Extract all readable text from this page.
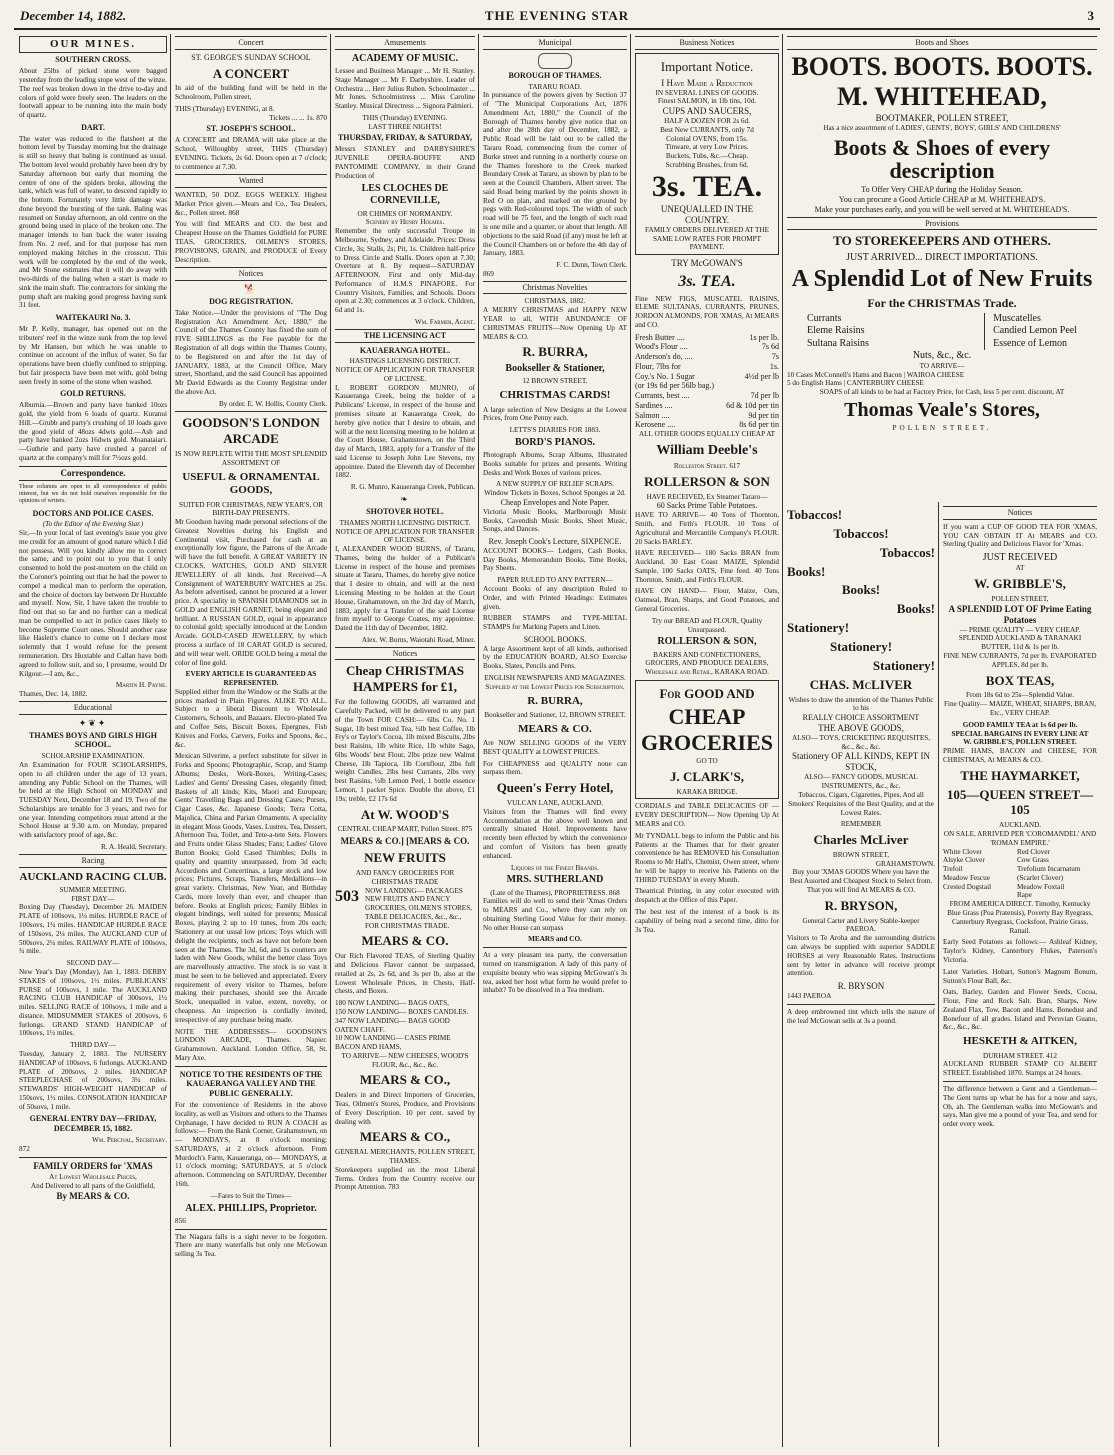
December 14, 1882.	THE EVENING STAR	3
OUR MINES.
SOUTHERN CROSS.

About 25lbs of picked stone were bagged yesterday from the leading stope west of the winze. The reef was broken down in the drive to-day and colors of gold were freely seen. The leaders on the footwall appear to be running into the main body of quartz.

DART.

The water was reduced to the flatsheet at the bottom level by Tuesday morning but the drainage is still so heavy that baling is continued as usual. The bottom level would probably have been dry by Saturday afternoon but early that morning the centre of one of the spiders broke, allowing the tank, which was full of water, to descend rapidly to the bottom. Fortunately very little damage was done beyond the bursting of the tank. Baling was resumed on Sunday afternoon, an old centre on the ground being used in place of the broken one. The manager intends to ban back the water issuing from No. 2 reef, and for that purpose has men employed making hitches in the crosscut. This work will be completed by the end of the week, and Mr Stone estimates that it will do away with two-thirds of the baling when a start is made to sink the main shaft. The contractors for sinking the pump shaft are making good progress having sunk 31 feet.

WAITEKAURI No. 3.

Mr P. Kelly, manager, has opened out on the tributers' reef in the winze sunk from the top level by Mr Hansen, but which he was unable to continue on account of the influx of water. So far operations have been chiefly confined to stripping, but fair prospects have been met with, gold being seen freely in some of the stone when washed.

GOLD RETURNS.

Alburnia.—Brown and party have banked 10ozs gold, the yield from 6 loads of quartz. Kuranui Hill.—Grubb and party's crushing of 10 loads gave the good yield of 48ozs 4dwts gold.—Ash and party have banked 2ozs 16dwts gold. Moanataiari.—Guthrie and party have crushed a parcel of quartz at the company's mill for 7½ozs gold.

Correspondence.

These columns are open to all correspondence of public interest, but we do not hold ourselves responsible for the opinions of writers.

DOCTORS AND POLICE CASES.
(To the Editor of the Evening Star.)

Sir,—In your local of last evening's issue you give me credit for an amount of good nature which I did not possess. Will you kindly allow me to correct the same, and to point out to you that I only consented to hold the post-mortem on the child on the Coroner's pointing out that he had the power to compel a medical man to perform the operation, and the choice of doctors lay between Dr Huxtable and myself. Now, Sir, I have taken the trouble to find out that so far and no further can a medical man be compelled to act in police cases likely to become Supreme Court ones. Should another case like Haslett's chance to come on I declare most solemnly that I would refuse for the present remuneration. Drs Huxtable and Callan have both agreed to follow suit, and so, I presume, would Dr Kilgour.—I am, &c.,

Martin H. Payne.
Thames, Dec. 14, 1882.
Educational
✦❦✦
THAMES BOYS AND GIRLS HIGH SCHOOL.
SCHOLARSHIP EXAMINATION.

An Examination for FOUR SCHOLARSHIPS, open to all children under the age of 13 years, attending any Public School on the Thames, will be held at the High School on MONDAY and TUESDAY Next, December 18 and 19. Two of the Scholarships are tenable for 3 years, and two for one year. Intending competitors must attend at the School House at 9.30 a.m. on Monday, prepared with satisfactory proof of age, &c.

R. A. Heald, Secretary.
Racing
AUCKLAND RACING CLUB.
SUMMER MEETING.
FIRST DAY—

Boxing Day (Tuesday), December 26. MAIDEN PLATE of 100sovs, 1¼ miles. HURDLE RACE of 100sovs, 1¾ miles. HANDICAP HURDLE RACE of 150sovs, 2¼ miles. The AUCKLAND CUP of 500sovs, 2¼ miles. RAILWAY PLATE of 100sovs, ¾ mile.

SECOND DAY—

New Year's Day (Monday), Jan 1, 1883. DERBY STAKES of 100sovs, 1½ miles. PUBLICANS' PURSE of 100sovs, 1 mile. The AUCKLAND RACING CLUB HANDICAP of 300sovs, 1½ miles. SELLING RACE of 100sovs, 1 mile and a distance. MIDSUMMER STAKES of 200sovs, 6 furlongs. GRAND STAND HANDICAP of 100sovs, 1½ miles.

THIRD DAY—

Tuesday, January 2, 1883. The NURSERY HANDICAP of 100sovs, 6 furlongs. AUCKLAND PLATE of 200sovs, 2 miles. HANDICAP STEEPLECHASE of 200sovs, 3¼ miles. STEWARDS' HIGH-WEIGHT HANDICAP of 150sovs, 1½ miles. CONSOLATION HANDICAP of 50sovs, 1 mile.

GENERAL ENTRY DAY—FRIDAY, DECEMBER 15, 1882.
Wm. Percival, Secretary.
872
FAMILY ORDERS for 'XMAS
At Lowest Wholesale Prices,
And Delivered to all parts of the Goldfield,
By MEARS & CO.
Concert
ST. GEORGE'S SUNDAY SCHOOL
A CONCERT

In aid of the building fund will be held in the Schoolroom, Pollen street,

THIS (Thursday) EVENING, at 8.
Tickets ... ... 1s. 870
ST. JOSEPH'S SCHOOL.

A CONCERT and DRAMA will take place at the School, Willoughby street, THIS (Thursday) EVENING. Tickets, 2s 6d. Doors open at 7 o'clock; to commence at 7.30.

Wanted

WANTED, 50 DOZ. EGGS WEEKLY. Highest Market Price given.—Mears and Co., Tea Dealers, &c., Pollen street. 868

You will find MEARS and CO. the best and Cheapest House on the Thames Goldfield for PURE TEAS, GROCERIES, OILMEN'S STORES, PROVISIONS, GRAIN, and PRODUCE of Every Description.

Notices
🐕
DOG REGISTRATION.

Take Notice.—Under the provisions of "The Dog Registration Act Amendment Act, 1880," the Council of the Thames County has fixed the sum of FIVE SHILLINGS as the Fee payable for the Registration of all dogs within the Thames County, to be Registered on and after the 1st day of JANUARY, 1883, at the Council Office, Mary street, Shortland, and the said Council has appointed Mr David Edwards as the County Registrar under the above Act.

By order. E. W. Hollis, County Clerk.
GOODSON'S LONDON ARCADE
IS NOW REPLETE WITH THE MOST SPLENDID ASSORTMENT OF
USEFUL & ORNAMENTAL GOODS,
SUITED FOR CHRISTMAS, NEW YEAR'S, OR BIRTH-DAY PRESENTS.

Mr Goodson having made personal selections of the Greatest Novelties during his English and Continental visit, Purchased for cash at an exceptionally low figure, the Patrons of the Arcade will have the full benefit. A GREAT VARIETY IN CLOCKS, WATCHES, GOLD AND SILVER JEWELLERY of all kinds. Just Received—A Consignment of WATERBURY WATCHES at 25s. As before advertised, cannot be procured at a lower price. A speciality in SPANISH DIAMONDS set in GOLD and ENGLISH GARNET, being elegant and brilliant. A RUSSIAN GOLD, equal in appearance to colonial gold; specially introduced at the London Arcade. GOLD-CASED JEWELLERY, by which process a surface of 18 CARAT GOLD is secured, and will wear well. ORIDE GOLD being a metal the color of fine gold.

EVERY ARTICLE IS GUARANTEED AS REPRESENTED.

Supplied either from the Window or the Stalls at the prices marked in Plain Figures. ALIKE TO ALL. Subject to a liberal Discount to Wholesale Customers, Schools, and Bazaars. Electro-plated Tea and Coffee Sets, Biscuit Boxes, Epergnes, Fish Knives and Forks, Carvers, Forks and Spoons, &c., &c.

Mexican Silverine, a perfect substitute for silver in Forks and Spoons; Photographic, Scrap, and Stamp Albums; Desks, Work-Boxes, Writing-Cases; Ladies' and Gents' Dressing Cases, elegantly fitted; Baskets of all kinds; Kits, Maori and European; Gents' Travelling Bags and Dressing Cases; Purses, Cigar Cases, &c. Japanese Goods; Terra Cotta, Majolica, China and Parian Ornaments. A speciality in elegant Moss Goods, Vases, Lustres, Tea, Dessert, Afternoon Tea, Toilet, and Tete-a-tete Sets. Flowers and Fruits under Glass Shades; Fans; Ladies' Glove Button Books; Gold Cased Thimbles; Dolls in quality and quantity unsurpassed, from 3d each; Accordions and Concertinas, a large stock and low prices; Pictures, Scraps, Transfers, Medallions—in great variety. Christmas, New Year, and Birthday Cards, more lovely than ever, and cheaper than before. Books at English prices; Family Bibles in elegant bindings, well suited for presents; Musical Boxes, playing 2 up to 10 tunes, from 20s each; Stationery at our usual low prices; Toys which will delight the recipients, such as have not before been seen at the Thames. The 3d, 6d, and 1s counters are laden with New Goods, whilst the better class Toys are marvellously attractive. The stock is so vast it must be seen to be believed and appreciated. Every requirement of every visitor to Thames, before making their purchases, should see the Arcade Stock, unequalled in value, extent, novelty, or cheapness. An inspection is cordially invited, irrespective of any purchase being made.

NOTE THE ADDRESSES— GOODSON'S LONDON ARCADE, Thames. Napier. Grahamstown. Auckland. London Office, 58, St. Mary Axe.

NOTICE TO THE RESIDENTS OF THE KAUAERANGA VALLEY AND THE PUBLIC GENERALLY.

For the convenience of Residents in the above locality, as well as Visitors and others to the Thames Orphanage, I have decided to RUN A COACH as follows:— From the Bank Corner, Grahamstown, on— MONDAYS, at 8 o'clock morning; SATURDAYS, at 2 o'clock afternoon. From Murdoch's Farm, Kauaeranga, on— MONDAYS, at 11 o'clock morning; SATURDAYS, at 5 o'clock afternoon. Commencing on SATURDAY, December 16th.

—Fares to Suit the Times—
ALEX. PHILLIPS, Proprietor.
856

The Niagara falls is a sight never to be forgotten. There are many waterfalls but only one McGowan selling 3s Tea.

Amusements
ACADEMY OF MUSIC.

Lessee and Business Manager ... Mr H. Stanley. Stage Manager ... Mr F. Darbyshire. Leader of Orchestra ... Herr Julius Ruben. Schoolmaster ... Mr Jones. Schoolmistress ... Miss Caroline Stanley. Musical Directress ... Signora Palmieri.

THIS (Thursday) EVENING.
LAST THREE NIGHTS!
THURSDAY, FRIDAY, & SATURDAY,

Messrs STANLEY and DARBYSHIRE'S JUVENILE OPERA-BOUFFE AND PANTOMIME COMPANY, in their Grand Production of

LES CLOCHES DE CORNEVILLE,
OR CHIMES OF NORMANDY.
Scenery by Henry Holmes.

Remember the only successful Troupe in Melbourne, Sydney, and Adelaide. Prices: Dress Circle, 3s; Stalls, 2s; Pit, 1s. Children half-price to Dress Circle and Stalls. Doors open at 7.30; Overture at 8. By request—SATURDAY AFTERNOON. First and only Mid-day Performance of H.M.S PINAFORE. For Country Visitors, Families, and Schools. Doors open at 2.30; commences at 3 o'clock. Children, 6d and 1s.

Wm. Farmer, Agent.
THE LICENSING ACT
KAUAERANGA HOTEL.
HASTINGS LICENSING DISTRICT.
NOTICE OF APPLICATION FOR TRANSFER OF LICENSE.

I, ROBERT GORDON MUNRO, of Kauaeranga Creek, being the holder of a Publicans' License, in respect of the house and premises situate at Kauaeranga Creek, do hereby give notice that I desire to obtain, and will at the next licensing meeting to be holden at the Court House, Grahamstown, on the Third day of March, 1883, apply for a Transfer of the said License to Joseph John Lee Stevens, my appointee. Dated the Eleventh day of December 1882.

R. G. Munro, Kauaeranga Creek, Publican.
❧
SHOTOVER HOTEL.
THAMES NORTH LICENSING DISTRICT.
NOTICE OF APPLICATION FOR TRANSFER OF LICENSE.

I, ALEXANDER WOOD BURNS, of Tararu, Thames, being the holder of a Publican's License in respect of the house and premises situate at Tararu, Thames, do hereby give notice that I desire to obtain, and will at the next Licensing Meeting to be holden at the Court House, Grahamstown, on the 3rd day of March, 1883, apply for a Transfer of the said License from myself to George Coates, my appointee. Dated the 11th day of December, 1882.

Alex. W. Burns, Waiotahi Road, Miner.
Notices
Cheap CHRISTMAS HAMPERS for £1,

For the following GOODS, all warranted and Carefully Packed, will be delivered to any part of the Town FOR CASH:— 6lbs Co. No. 1 Sugar, 1lb best mixed Tea, ½lb best Coffee, 1lb Fry's or Taylor's Cocoa, 1lb mixed Biscuits, 2lbs best Raisins, 1lb white Rice, 1lb white Sago, 6lbs Woods' best Flour, 2lbs prize new Walnut Cheese, 1lb Tapioca, 1lb Cornflour, 2lbs full weight Candles, 2lbs best Currants, 2lbs very best Raisins, ½lb Lemon Peel, 1 bottle essence Lemon, 1 packet Spice. Double the above, £1 19s; treble, £2 17s 6d

At W. WOOD'S
CENTRAL CHEAP MART, Pollen Street. 875
MEARS & CO.] [MEARS & CO.
NEW FRUITS
AND FANCY GROCERIES FOR CHRISTMAS TRADE
503 NOW LANDING— PACKAGES NEW FRUITS AND FANCY GROCERIES, OILMEN'S STORES, TABLE DELICACIES, &c., &c., FOR CHRISTMAS TRADE.
MEARS & CO.

Our Rich Flavored TEAS, of Sterling Quality and Delicious Flavor cannot be surpassed, retailed at 2s, 2s 6d, and 3s per lb, also at the Lowest Wholesale Prices, in Chests, Half-chests, and Boxes.

180 NOW LANDING— BAGS OATS,
150 NOW LANDING— BOXES CANDLES.
347 NOW LANDING— BAGS GOOD OATEN CHAFF.
10 NOW LANDING— CASES PRIME BACON AND HAMS,
TO ARRIVE— NEW CHEESES, WOOD'S FLOUR, &c., &c., &c.
MEARS & CO.,

Dealers in and Direct Importers of Groceries, Teas, Oilmen's Stores, Produce, and Provisions of Every Description. 10 per cent. saved by dealing with

MEARS & CO.,
GENERAL MERCHANTS, POLLEN STREET, THAMES.

Storekeepers supplied on the most Liberal Terms. Orders from the Country receive our Prompt Attention. 783

Municipal
BOROUGH OF THAMES.
TARARU ROAD.

In pursuance of the powers given by Section 37 of "The Municipal Corporations Act, 1876 Amendment Act, 1880," the Council of the Borough of Thames hereby give notice that on and after the 28th day of December, 1882, a Public Road will be laid out to be called the Tararu Road, commencing from the corner of Burke street and running in a northerly course on the Thames foreshore to the Creek marked Boundary Creek at Tararu, as shown by plan to be seen at the Council Chambers, Albert street. The said Road being marked by the points shown in Red O on plan, and marked on the ground by pegs with Red-coloured tops. The width of such road will be 75 feet, and the length of such road is one mile and a quarter, or about that length. All objections to the said Road (if any) must be left at the Council Chambers on or before the 4th day of January, 1883.

F. C. Dunn, Town Clerk.
869
Christmas Novelties
CHRISTMAS, 1882.

A MERRY CHRISTMAS and HAPPY NEW YEAR to all, WITH ABUNDANCE OF CHRISTMAS FRUITS—Now Opening Up AT MEARS & CO.

R. BURRA,
Bookseller & Stationer,
12 BROWN STREET.
CHRISTMAS CARDS!

A large selection of New Designs at the Lowest Prices, from One Penny each.

LETTS'S DIARIES FOR 1883.
BORD'S PIANOS.

Photograph Albums, Scrap Albums, Illustrated Books suitable for prizes and presents. Writing Desks and Work Boxes of various prices.

A NEW SUPPLY OF RELIEF SCRAPS.
Window Tickets in Boxes, School Sponges at 2d.
Cheap Envelopes and Note Paper.

Victoria Music Books, Marlborough Music Books, Cavendish Music Books, Sheet Music, Songs, and Dances.

Rev. Joseph Cook's Lecture, SIXPENCE.

ACCOUNT BOOKS— Ledgers, Cash Books, Day Books, Memorandum Books, Time Books, Pay Sheets.

PAPER RULED TO ANY PATTERN—

Account Books of any description Ruled to Order, and with Printed Headings: Estimates given.

RUBBER STAMPS and TYPE-METAL STAMPS for Marking Papers and Linen.

SCHOOL BOOKS.

A large Assortment kept of all kinds, authorised by the EDUCATION BOARD, ALSO Exercise Books, Slates, Pencils and Pens.

ENGLISH NEWSPAPERS AND MAGAZINES.
Supplied at the Lowest Prices for Subscription.
R. BURRA,
Bookseller and Stationer, 12, BROWN STREET.
MEARS & CO.

Are NOW SELLING GOODS of the VERY BEST QUALITY at LOWEST PRICES.

For CHEAPNESS and QUALITY none can surpass them.

Queen's Ferry Hotel,
VULCAN LANE, AUCKLAND.

Visitors from the Thames will find every Accommodation at the above well known and centrally situated Hotel. Improvements have recently been effected by which the convenience and comfort of Visitors has been greatly enhanced.

Liquors of the Finest Brands.
MRS. SUTHERLAND
(Late of the Thames), PROPRIETRESS. 868

Families will do well to send their 'Xmas Orders to MEARS and Co., where they can rely on obtaining Sterling Good Value for their money. No other House can surpass

MEARS and CO.

At a very pleasant tea party, the conversation turned on transmigration. A lady of this party of exquisite beauty who was sipping McGowan's 3s tea, asked her host what form he would prefer to inhabit? To be dissolved in a Tea medium.

Business Notices
Important Notice.
I Have Made a Reduction
IN SEVERAL LINES OF GOODS.
Finest SALMON, in 1lb tins, 10d.
CUPS AND SAUCERS,
HALF A DOZEN FOR 2s 6d.
Best New CURRANTS, only 7d
Colonial OVENS, from 15s.
Tinware, at very Low Prices.
Buckets, Tubs, &c.—Cheap.
Scrubbing Brushes, from 6d.
3s. TEA.
UNEQUALLED IN THE COUNTRY.
FAMILY ORDERS DELIVERED AT THE SAME LOW RATES FOR PROMPT PAYMENT.
TRY McGOWAN'S
3s. TEA.

Fine NEW FIGS, MUSCATEL RAISINS, ELEME SULTANAS, CURRANTS, PRUNES, JORDON ALMONDS, FOR 'XMAS, At MEARS and CO.

Fresh Butter ....	1s per lb.
Wood's Flour ....	7s 6d
Anderson's do, ....	7s
Flour, 7lbs for	1s.
Coy.'s No. 1 Sugar	4½d per lb
(or 19s 6d per 56lb bag.)
Currants, best ....	7d per lb
Sardines ....	6d & 10d per tin
Salmon ....	9d per tin
Kerosene ....	8s 6d per tin
ALL OTHER GOODS EQUALLY CHEAP AT
William Deeble's
Rolleston Street. 617
ROLLERSON & SON
HAVE RECEIVED, Ex Steamer Tararo—
60 Sacks Prime Table Potatoes.

HAVE TO ARRIVE— 40 Tons of Thornton, Smith, and Firth's FLOUR. 10 Tons of Agricultural and Mercantile Company's FLOUR. 20 Sacks BARLEY.

HAVE RECEIVED— 180 Sacks BRAN from Auckland. 30 East Coast MAIZE, Splendid Sample. 100 Sacks OATS, Fine feed. 40 Tons Thornton, Smith, and Firth's FLOUR.

HAVE ON HAND— Flour, Maize, Oats, Oatmeal, Bran, Sharps, and Good Potatoes, and General Groceries.

Try our BREAD and FLOUR, Quality Unsurpassed.
ROLLERSON & SON,
BAKERS AND CONFECTIONERS, GROCERS, AND PRODUCE DEALERS,
Wholesale and Retail, KARAKA ROAD.
For GOOD AND
CHEAP
GROCERIES
GO TO
J. CLARK'S,
KARAKA BRIDGE.

CORDIALS and TABLE DELICACIES OF —EVERY DESCRIPTION— Now Opening Up At MEARS and CO.

Mr TYNDALL begs to inform the Public and his Patients at the Thames that for their greater convenience he has REMOVED his Consultation Rooms to Mr Hall's, Chemist, Owen street, where he will be happy to receive his Patients on the THIRD TUESDAY in every Month.

Theatrical Printing, in any color executed with despatch at the Office of this Paper.

The best test of the interest of a book is its capability of being read a second time, ditto for 3s Tea.

Boots and Shoes
BOOTS. BOOTS. BOOTS.
M. WHITEHEAD,
BOOTMAKER, POLLEN STREET,
Has a nice assortment of LADIES', GENTS', BOYS', GIRLS' AND CHILDRENS'
Boots & Shoes of every description
To Offer Very CHEAP during the Holiday Season.
You can procure a Good Article CHEAP at M. WHITEHEAD'S.
Make your purchases early, and you will be well served at M. WHITEHEAD'S.
Provisions
TO STOREKEEPERS AND OTHERS.
JUST ARRIVED... DIRECT IMPORTATIONS.
A Splendid Lot of New Fruits
For the CHRISTMAS Trade.
Currants
Eleme Raisins
Sultana Raisins
Muscatelles
Candied Lemon Peel
Essence of Lemon
Nuts, &c., &c.
TO ARRIVE—
10 Cases McConnell's Hams and Bacon | WAIROA CHEESE
5 do English Hams | CANTERBURY CHEESE
SOAPS of all kinds to be had at Factory Price, for Cash, less 5 per cent. discount, AT
Thomas Veale's Stores,
POLLEN STREET.
Tobaccos!
Tobaccos!
Tobaccos!
Books!
Books!
Books!
Stationery!
Stationery!
Stationery!
CHAS. McLIVER
Wishes to draw the attention of the Thames Public to his
REALLY CHOICE ASSORTMENT
THE ABOVE GOODS,
ALSO— TOYS, CRICKETING REQUISITES, &c., &c., &c.
Stationery OF ALL KINDS, KEPT IN STOCK,
ALSO— FANCY GOODS, MUSICAL INSTRUMENTS, &c., &c.

Tobaccos, Cigars, Cigarettes, Pipes, And all Smokers' Requisites of the Best Quality, and at the Lowest Rates.

REMEMBER
Charles McLiver
BROWN STREET,
GRAHAMSTOWN.

Buy your 'XMAS GOODS Where you have the Best Assorted and Cheapest Stock to Select from. That you will find At MEARS & CO.

R. BRYSON,
General Carter and Livery Stable-keeper PAEROA.

Visitors to Te Aroha and the surrounding districts can always be supplied with superior SADDLE HORSES at very Reasonable Rates. Instructions sent by letter in advance will receive prompt attention.

R. BRYSON
1443 PAEROA

A deep embrowned tint which tells the nature of the leaf McGowan sells at 3s a pound.

Notices

If you want a CUP OF GOOD TEA FOR 'XMAS, YOU CAN OBTAIN IT At MEARS and CO. Sterling Quality and Delicious Flavor for 'Xmas.

JUST RECEIVED
AT
W. GRIBBLE'S,
POLLEN STREET,
A SPLENDID LOT OF Prime Eating Potatoes
— PRIME QUALITY — VERY CHEAP.
SPLENDID AUCKLAND & TARANAKI BUTTER, 11d & 1s per lb.
FINE NEW CURRANTS, 7d per lb. EVAPORATED APPLES, 8d per lb.
BOX TEAS,
From 18s 6d to 25s—Splendid Value.

Fine Quality— MAIZE, WHEAT, SHARPS, BRAN, Etc., VERY CHEAP.

GOOD FAMILY TEA at 1s 6d per lb.
SPECIAL BARGAINS IN EVERY LINE AT
W. GRIBBLE'S, POLLEN STREET.

PRIME HAMS, BACON and CHEESE, FOR CHRISTMAS, At MEARS & CO.

THE HAYMARKET,
105—QUEEN STREET—105
AUCKLAND.
ON SALE, ARRIVED PER 'COROMANDEL' AND 'ROMAN EMPIRE.'
White Clover
Alsyke Clover
Trefoil
Meadow Fescue
Crested Dogstail
Red Clover
Cow Grass
Trefolium Incarnatum (Scarlet Clover)
Meadow Foxtail
Rape

FROM AMERICA DIRECT. Timothy, Kentucky Blue Grass (Poa Pratensis), Poverty Bay Ryegrass, Canterbury Ryegrass, Cocksfoot, Prairie Grass, Rattail.

Early Seed Potatoes as follows:— Ashleaf Kidney, Taylor's Kidney, Canterbury Flukes, Paterson's Victoria.

Later Varieties. Hobart, Sutton's Magnum Bonum, Sutton's Flour Ball, &c.

Oats, Barley, Garden and Flower Seeds, Cocoa, Flour, Fine and Rock Salt. Bran, Sharps, New Zealand Flax, Tow, Bacon and Hams. Bonedust and Bonefour of all grades. Island and Peruvian Guano, &c., &c., &c.

HESKETH & AITKEN,
DURHAM STREET. 412

AUCKLAND RUBBER STAMP CO ALBERT STREET. Established 1870. Stamps at 24 hours.

The difference between a Gent and a Gentleman—The Gent turns up what he has for a nose and says, Oh, ah. The Gentleman walks into McGowan's and says, Man give me a pound of your Tea, and send for order every week.
